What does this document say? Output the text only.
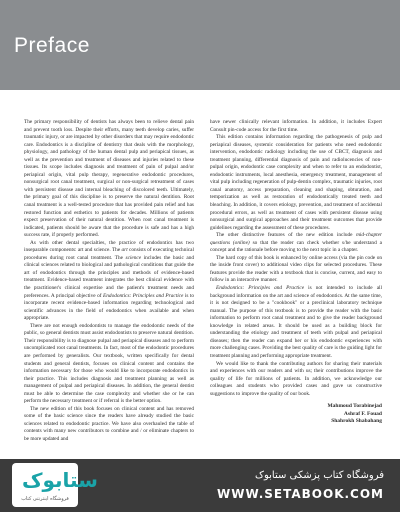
Preface

The primary responsibility of dentists has always been to relieve dental pain and prevent tooth loss. Despite their efforts, many teeth develop caries, suffer traumatic injury, or are impacted by other disorders that may require endodontic care. Endodontics is a discipline of dentistry that deals with the morphology, physiology, and pathology of the human dental pulp and periapical tissues, as well as the prevention and treatment of diseases and injuries related to these tissues. Its scope includes diagnosis and treatment of pain of pulpal and/or periapical origin, vital pulp therapy, regenerative endodontic procedures, nonsurgical root canal treatment, surgical or non-surgical retreatment of cases with persistent disease and internal bleaching of discolored teeth. Ultimately, the primary goal of this discipline is to preserve the natural dentition. Root canal treatment is a well-tested procedure that has provided pain relief and has restored function and esthetics to patients for decades. Millions of patients expect preservation of their natural dentition. When root canal treatment is indicated, patients should be aware that the procedure is safe and has a high success rate, if properly performed.

As with other dental specialties, the practice of endodontics has two inseparable components: art and science. The art consists of executing technical procedures during root canal treatment. The science includes the basic and clinical sciences related to biological and pathological conditions that guide the art of endodontics through the principles and methods of evidence-based treatment. Evidence-based treatment integrates the best clinical evidence with the practitioner's clinical expertise and the patient's treatment needs and preferences. A principal objective of Endodontics: Principles and Practice is to incorporate recent evidence-based information regarding technological and scientific advances in the field of endodontics when available and when appropriate.

There are not enough endodontists to manage the endodontic needs of the public, so general dentists must assist endodontists to preserve natural dentition. Their responsibility is to diagnose pulpal and periapical diseases and to perform uncomplicated root canal treatments. In fact, most of the endodontic procedures are performed by generalists. Our textbook, written specifically for dental students and general dentists, focuses on clinical content and contains the information necessary for those who would like to incorporate endodontics in their practice. This includes diagnosis and treatment planning as well as management of pulpal and periapical diseases. In addition, the general dentist must be able to determine the case complexity and whether she or he can perform the necessary treatment or if referral is the better option.

The new edition of this book focuses on clinical content and has removed some of the basic science since the readers have already studied the basic sciences related to endodontic practice. We have also overhauled the table of contents with many new contributors to combine and / or eliminate chapters to be more updated and

have newer clinically relevant information. In addition, it includes Expert Consult pin-code access for the first time.

This edition contains information regarding the pathogenesis of pulp and periapical diseases, systemic consideration for patients who need endodontic intervention, endodontic radiology including the use of CBCT, diagnosis and treatment planning, differential diagnosis of pain and radiolucencies of non-pulpal origin, endodontic case complexity and when to refer to an endodontist, endodontic instruments, local anesthesia, emergency treatment, management of vital pulp including regeneration of pulp-dentin complex, traumatic injuries, root canal anatomy, access preparation, cleaning and shaping, obturation, and temporization as well as restoration of endodontically treated teeth and bleaching. In addition, it covers etiology, prevention, and treatment of accidental procedural errors, as well as treatment of cases with persistent disease using nonsurgical and surgical approaches and their treatment outcomes that provide guidelines regarding the assessment of these procedures.

The other distinctive features of the new edition include mid-chapter questions (online) so that the reader can check whether s/he understand a concept and the rationale before moving to the next topic in a chapter.

The hard copy of this book is enhanced by online access (via the pin code on the inside front cover) to additional video clips for selected procedures. These features provide the reader with a textbook that is concise, current, and easy to follow in an interactive manner.

Endodontics: Principles and Practice is not intended to include all background information on the art and science of endodontics. At the same time, it is not designed to be a "cookbook" or a preclinical laboratory technique manual. The purpose of this textbook is to provide the reader with the basic information to perform root canal treatment and to give the reader background knowledge in related areas. It should be used as a building block for understanding the etiology and treatment of teeth with pulpal and periapical diseases; then the reader can expand her or his endodontic experiences with more challenging cases. Providing the best quality of care is the guiding light for treatment planning and performing appropriate treatment.

We would like to thank the contributing authors for sharing their materials and experiences with our readers and with us; their contributions improve the quality of life for millions of patients. In addition, we acknowledge our colleagues and students who provided cases and gave us constructive suggestions to improve the quality of our book.

Mahmoud Torabinejad
Ashraf F. Fouad
Shahrokh Shabahang
ستابوک
فروشگاه اینترنتی کتاب
فروشگاه کتاب پزشکی ستابوک
WWW.SETABOOK.COM
